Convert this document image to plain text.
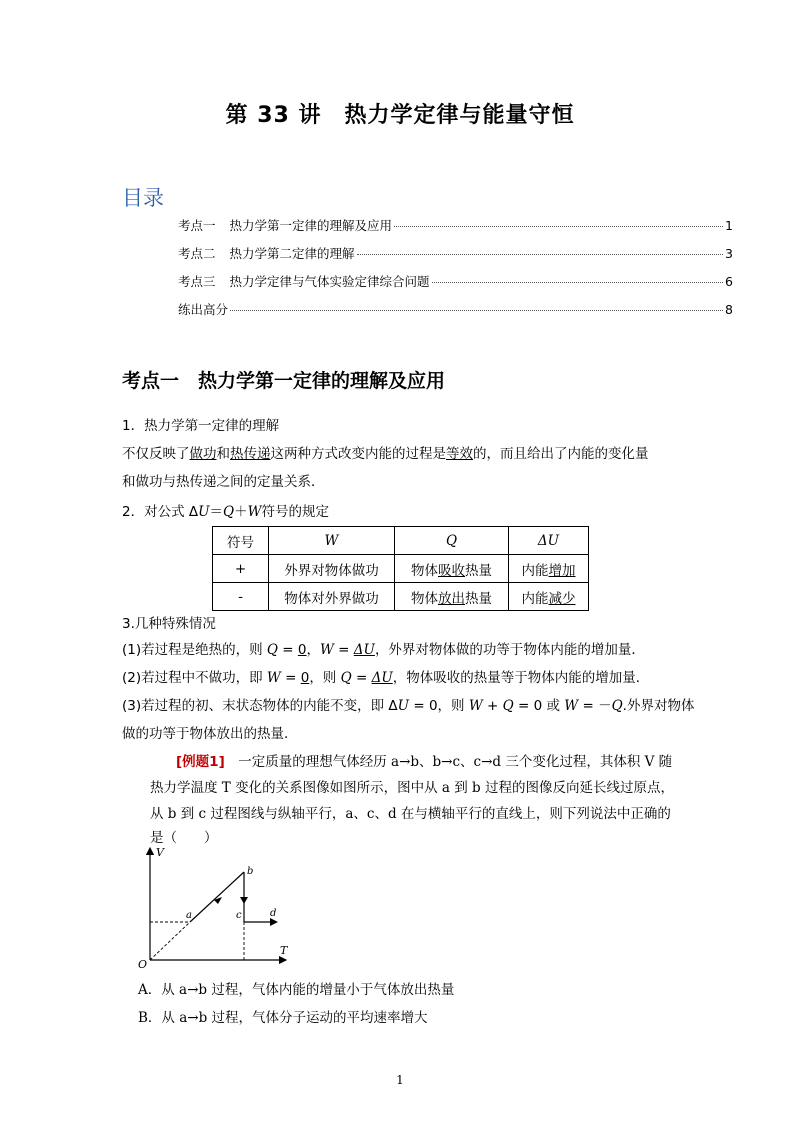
第 33 讲　热力学定律与能量守恒
目录
考点一 热力学第一定律的理解及应用	1
考点二 热力学第二定律的理解	3
考点三 热力学定律与气体实验定律综合问题	6
练出高分	8
考点一　热力学第一定律的理解及应用
1．热力学第一定律的理解
不仅反映了做功和热传递这两种方式改变内能的过程是等效的，而且给出了内能的变化量
和做功与热传递之间的定量关系．
2．对公式 ΔU＝Q＋W符号的规定
符号	W	Q	ΔU
+	外界对物体做功	物体吸收热量	内能增加
-	物体对外界做功	物体放出热量	内能减少
3.几种特殊情况
(1)若过程是绝热的，则 Q = 0，W = ΔU，外界对物体做的功等于物体内能的增加量．
(2)若过程中不做功，即 W = 0，则 Q = ΔU，物体吸收的热量等于物体内能的增加量．
(3)若过程的初、末状态物体的内能不变，即 ΔU = 0，则 W + Q = 0 或 W = －Q.外界对物体
做的功等于物体放出的热量．
[例题1]　 一定质量的理想气体经历 a→b、b→c、c→d 三个变化过程，其体积 V 随
热力学温度 T 变化的关系图像如图所示，图中从 a 到 b 过程的图像反向延长线过原点，
从 b 到 c 过程图线与纵轴平行，a、c、d 在与横轴平行的直线上，则下列说法中正确的
是（　　）
V
T
O
a
b
c	d
A．从 a→b 过程，气体内能的增量小于气体放出热量
B．从 a→b 过程，气体分子运动的平均速率增大
1
